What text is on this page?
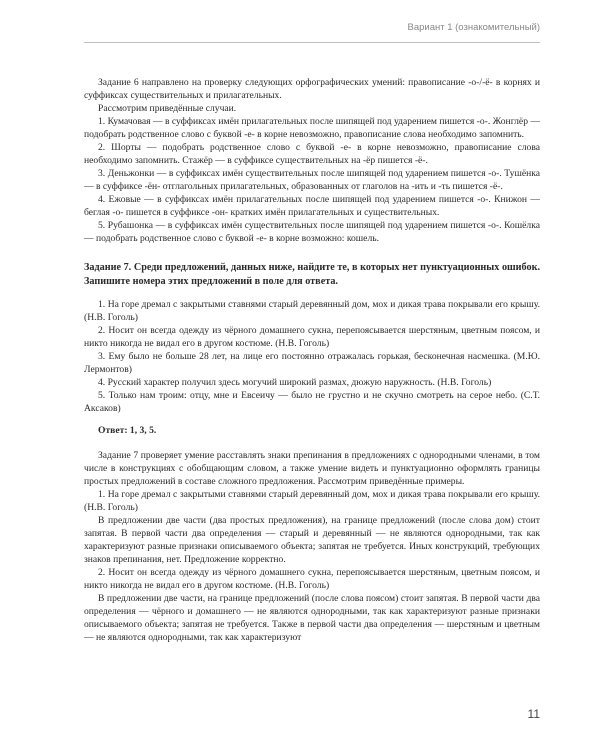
Вариант 1 (ознакомительный)

Задание 6 направлено на проверку следующих орфографических умений: правописание -о-/-ё- в корнях и суффиксах существительных и прилагательных.

Рассмотрим приведённые случаи.

1. Кумачовая — в суффиксах имён прилагательных после шипящей под ударением пишется -о-. Жонглёр — подобрать родственное слово с буквой -е- в корне невозможно, правописание слова необходимо запомнить.

2. Шорты — подобрать родственное слово с буквой -е- в корне невозможно, правописание слова необходимо запомнить. Стажёр — в суффиксе существительных на -ёр пишется -ё-.

3. Деньжонки — в суффиксах имён существительных после шипящей под ударением пишется -о-. Тушёнка — в суффиксе -ён- отглагольных прилагательных, образованных от глаголов на -ить и -ть пишется -ё-.

4. Ежовые — в суффиксах имён прилагательных после шипящей под ударением пишется -о-. Книжон — беглая -о- пишется в суффиксе -он- кратких имён прилагательных и существительных.

5. Рубашонка — в суффиксах имён существительных после шипящей под ударением пишется -о-. Кошёлка — подобрать родственное слово с буквой -е- в корне возможно: кошель.

Задание 7. Среди предложений, данных ниже, найдите те, в которых нет пунктуационных ошибок. Запишите номера этих предложений в поле для ответа.

1. На горе дремал с закрытыми ставнями старый деревянный дом, мох и дикая трава покрывали его крышу. (Н.В. Гоголь)

2. Носит он всегда одежду из чёрного домашнего сукна, перепоясывается шерстяным, цветным поясом, и никто никогда не видал его в другом костюме. (Н.В. Гоголь)

3. Ему было не больше 28 лет, на лице его постоянно отражалась горькая, бесконечная насмешка. (М.Ю. Лермонтов)

4. Русский характер получил здесь могучий широкий размах, дюжую наружность. (Н.В. Гоголь)

5. Только нам троим: отцу, мне и Евсеичу — было не грустно и не скучно смотреть на серое небо. (С.Т. Аксаков)

Ответ: 1, 3, 5.

Задание 7 проверяет умение расставлять знаки препинания в предложениях с однородными членами, в том числе в конструкциях с обобщающим словом, а также умение видеть и пунктуационно оформлять границы простых предложений в составе сложного предложения. Рассмотрим приведённые примеры.

1. На горе дремал с закрытыми ставнями старый деревянный дом, мох и дикая трава покрывали его крышу. (Н.В. Гоголь)

В предложении две части (два простых предложения), на границе предложений (после слова дом) стоит запятая. В первой части два определения — старый и деревянный — не являются однородными, так как характеризуют разные признаки описываемого объекта; запятая не требуется. Иных конструкций, требующих знаков препинания, нет. Предложение корректно.

2. Носит он всегда одежду из чёрного домашнего сукна, перепоясывается шерстяным, цветным поясом, и никто никогда не видал его в другом костюме. (Н.В. Гоголь)

В предложении две части, на границе предложений (после слова поясом) стоит запятая. В первой части два определения — чёрного и домашнего — не являются однородными, так как характеризуют разные признаки описываемого объекта; запятая не требуется. Также в первой части два определения — шерстяным и цветным — не являются однородными, так как характеризуют

11
